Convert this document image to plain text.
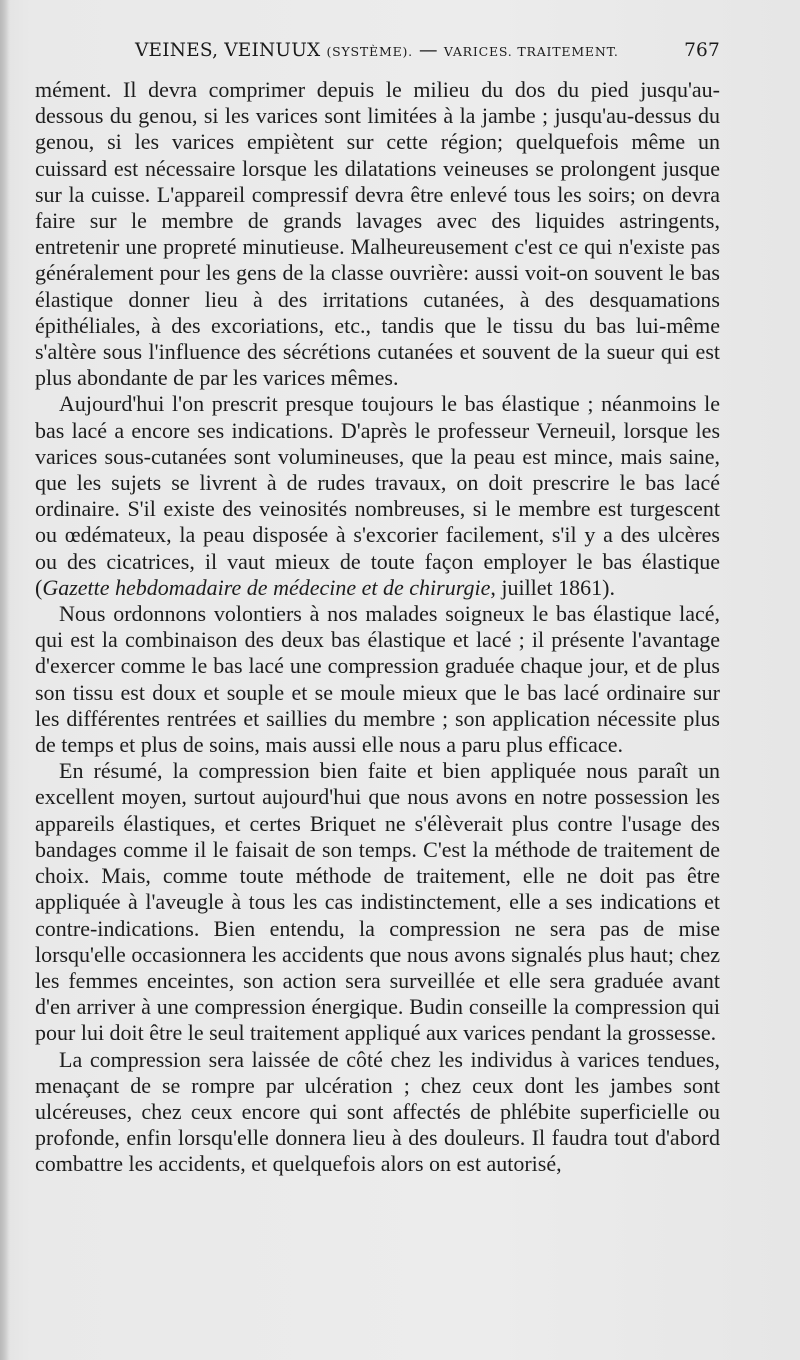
VEINES, VEINUUX (SYSTÈME). — VARICES. TRAITEMENT.	767

mément. Il devra comprimer depuis le milieu du dos du pied jusqu'au-dessous du genou, si les varices sont limitées à la jambe ; jusqu'au-dessus du genou, si les varices empiètent sur cette région; quelquefois même un cuissard est nécessaire lorsque les dilatations veineuses se prolongent jusque sur la cuisse. L'appareil compressif devra être enlevé tous les soirs; on devra faire sur le membre de grands lavages avec des liquides astringents, entretenir une propreté minutieuse. Malheureusement c'est ce qui n'existe pas généralement pour les gens de la classe ouvrière: aussi voit-on souvent le bas élastique donner lieu à des irritations cutanées, à des desquamations épithéliales, à des excoriations, etc., tandis que le tissu du bas lui-même s'altère sous l'influence des sécrétions cutanées et souvent de la sueur qui est plus abondante de par les varices mêmes.

Aujourd'hui l'on prescrit presque toujours le bas élastique ; néanmoins le bas lacé a encore ses indications. D'après le professeur Verneuil, lorsque les varices sous-cutanées sont volumineuses, que la peau est mince, mais saine, que les sujets se livrent à de rudes travaux, on doit prescrire le bas lacé ordinaire. S'il existe des veinosités nombreuses, si le membre est turgescent ou œdémateux, la peau disposée à s'excorier facilement, s'il y a des ulcères ou des cicatrices, il vaut mieux de toute façon employer le bas élastique (Gazette hebdomadaire de médecine et de chirurgie, juillet 1861).

Nous ordonnons volontiers à nos malades soigneux le bas élastique lacé, qui est la combinaison des deux bas élastique et lacé ; il présente l'avantage d'exercer comme le bas lacé une compression graduée chaque jour, et de plus son tissu est doux et souple et se moule mieux que le bas lacé ordinaire sur les différentes rentrées et saillies du membre ; son application nécessite plus de temps et plus de soins, mais aussi elle nous a paru plus efficace.

En résumé, la compression bien faite et bien appliquée nous paraît un excellent moyen, surtout aujourd'hui que nous avons en notre possession les appareils élastiques, et certes Briquet ne s'élèverait plus contre l'usage des bandages comme il le faisait de son temps. C'est la méthode de traitement de choix. Mais, comme toute méthode de traitement, elle ne doit pas être appliquée à l'aveugle à tous les cas indistinctement, elle a ses indications et contre-indications. Bien entendu, la compression ne sera pas de mise lorsqu'elle occasionnera les accidents que nous avons signalés plus haut; chez les femmes enceintes, son action sera surveillée et elle sera graduée avant d'en arriver à une compression énergique. Budin conseille la compression qui pour lui doit être le seul traitement appliqué aux varices pendant la grossesse.

La compression sera laissée de côté chez les individus à varices tendues, menaçant de se rompre par ulcération ; chez ceux dont les jambes sont ulcéreuses, chez ceux encore qui sont affectés de phlébite superficielle ou profonde, enfin lorsqu'elle donnera lieu à des douleurs. Il faudra tout d'abord combattre les accidents, et quelquefois alors on est autorisé,
